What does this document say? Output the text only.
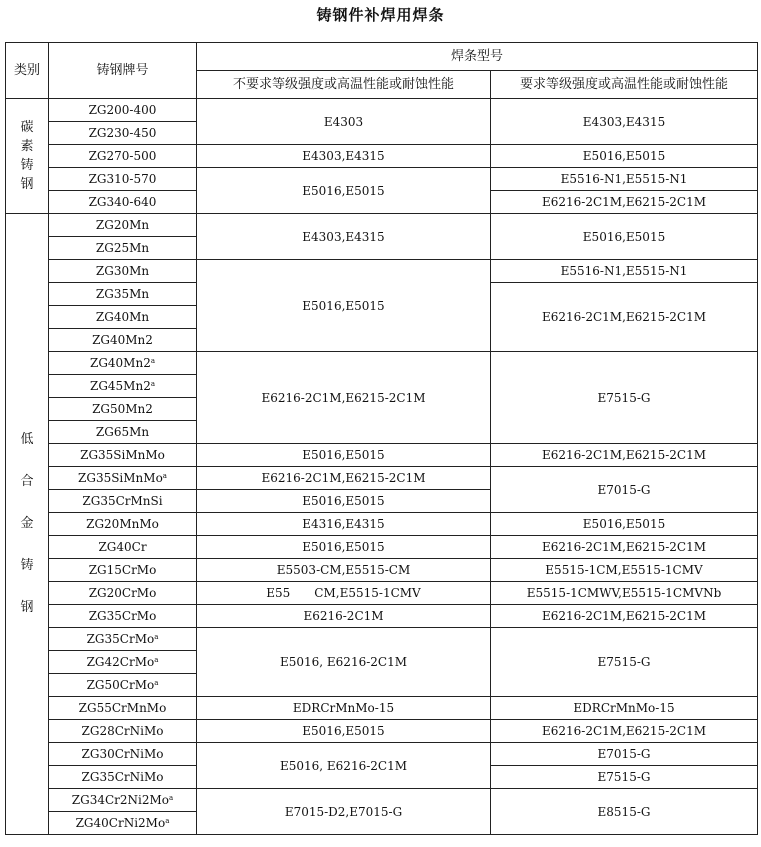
铸钢件补焊用焊条
类别	铸钢牌号	焊条型号	
		不要求等级强度或高温性能或耐蚀性能	要求等级强度或高温性能或耐蚀性能

碳
素
铸
钢	ZG200-400	E4303	E4303,E4315
	ZG230-450		
	ZG270-500	E4303,E4315	E5016,E5015
	ZG310-570	E5016,E5015	E5516-N1,E5515-N1
	ZG340-640		E6216-2C1M,E6215-2C1M

低
合
金
铸
钢	ZG20Mn	E4303,E4315	E5016,E5015
	ZG25Mn		
	ZG30Mn	E5016,E5015	E5516-N1,E5515-N1
	ZG35Mn		E6216-2C1M,E6215-2C1M
	ZG40Mn		
	ZG40Mn2		
	ZG40Mn2$^a$	E6216-2C1M,E6215-2C1M	E7515-G
	ZG45Mn2$^a$
	ZG50Mn2		
	ZG65Mn		
	ZG35SiMnMo	E5016,E5015	E6216-2C1M,E6215-2C1M
	ZG35SiMnMo$^a$	E6216-2C1M,E6215-2C1M	E7015-G
	ZG35CrMnSi	E5016,E5015	
	ZG20MnMo	E4316,E4315	E5016,E5015
	ZG40Cr	E5016,E5015	E6216-2C1M,E6215-2C1M
	ZG15CrMo	E5503-CM,E5515-CM	E5515-1CM,E5515-1CMV
	ZG20CrMo	E55　　CM,E5515-1CMV	E5515-1CMWV,E5515-1CMVNb
	ZG35CrMo	E6216-2C1M	E6216-2C1M,E6215-2C1M
	ZG35CrMo$^a$	E5016, E6216-2C1M	E7515-G
	ZG42CrMo$^a$
	ZG50CrMo$^a$
	ZG55CrMnMo	EDRCrMnMo-15	EDRCrMnMo-15
	ZG28CrNiMo	E5016,E5015	E6216-2C1M,E6215-2C1M
	ZG30CrNiMo	E5016, E6216-2C1M	E7015-G
	ZG35CrNiMo		E7515-G
	ZG34Cr2Ni2Mo$^a$	E7015-D2,E7015-G	E8515-G
	ZG40CrNi2Mo$^a$
